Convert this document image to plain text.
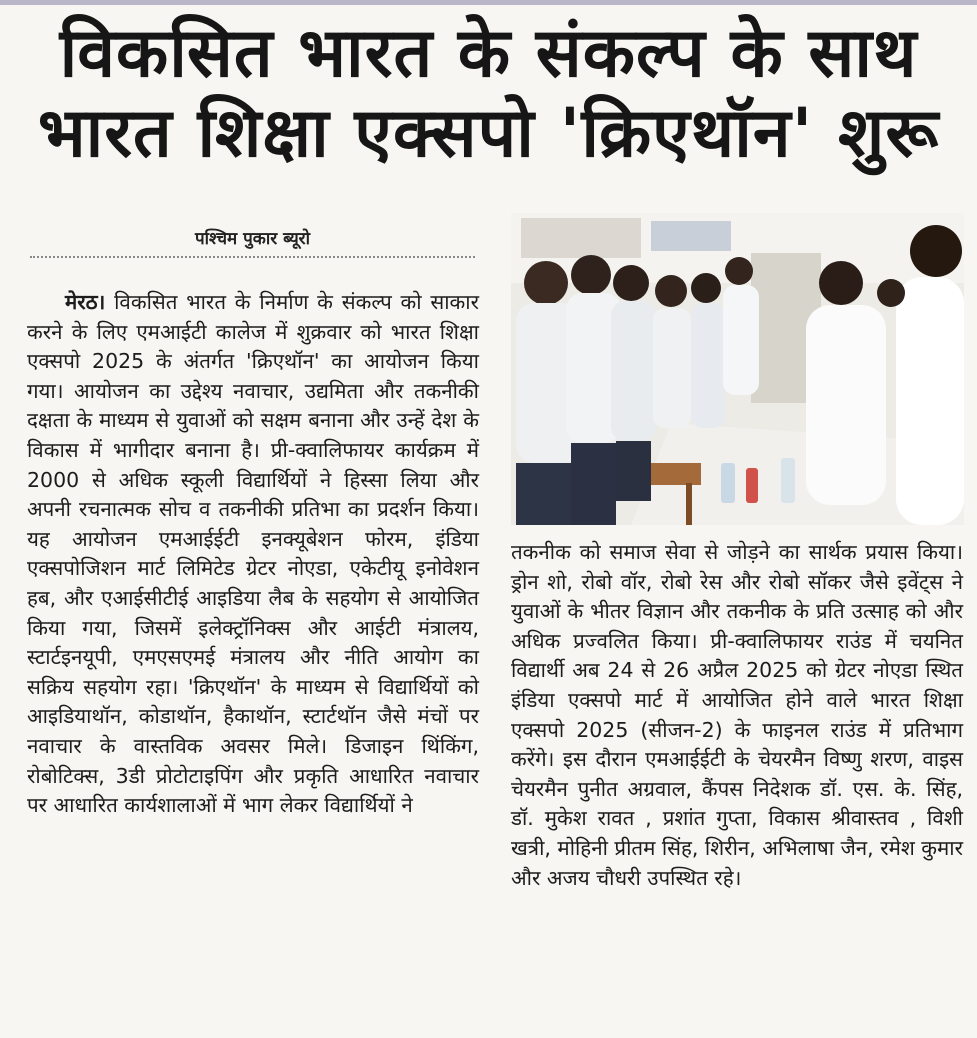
विकसित भारत के संकल्प के साथ
भारत शिक्षा एक्सपो 'क्रिएथॉन' शुरू
पश्चिम पुकार ब्यूरो

मेरठ। विकसित भारत के निर्माण के संकल्प को साकार करने के लिए एमआईटी कालेज में शुक्रवार को भारत शिक्षा एक्सपो 2025 के अंतर्गत 'क्रिएथॉन' का आयोजन किया गया। आयोजन का उद्देश्य नवाचार, उद्यमिता और तकनीकी दक्षता के माध्यम से युवाओं को सक्षम बनाना और उन्हें देश के विकास में भागीदार बनाना है। प्री-क्वालिफायर कार्यक्रम में 2000 से अधिक स्कूली विद्यार्थियों ने हिस्सा लिया और अपनी रचनात्मक सोच व तकनीकी प्रतिभा का प्रदर्शन किया। यह आयोजन एमआईईटी इनक्यूबेशन फोरम, इंडिया एक्सपोजिशन मार्ट लिमिटेड ग्रेटर नोएडा, एकेटीयू इनोवेशन हब, और एआईसीटीई आइडिया लैब के सहयोग से आयोजित किया गया, जिसमें इलेक्ट्रॉनिक्स और आईटी मंत्रालय, स्टार्टइनयूपी, एमएसएमई मंत्रालय और नीति आयोग का सक्रिय सहयोग रहा। 'क्रिएथॉन' के माध्यम से विद्यार्थियों को आइडियाथॉन, कोडाथॉन, हैकाथॉन, स्टार्टथॉन जैसे मंचों पर नवाचार के वास्तविक अवसर मिले। डिजाइन थिंकिंग, रोबोटिक्स, 3डी प्रोटोटाइपिंग और प्रकृति आधारित नवाचार पर आधारित कार्यशालाओं में भाग लेकर विद्यार्थियों ने

तकनीक को समाज सेवा से जोड़ने का सार्थक प्रयास किया। ड्रोन शो, रोबो वॉर, रोबो रेस और रोबो सॉकर जैसे इवेंट्स ने युवाओं के भीतर विज्ञान और तकनीक के प्रति उत्साह को और अधिक प्रज्वलित किया। प्री-क्वालिफायर राउंड में चयनित विद्यार्थी अब 24 से 26 अप्रैल 2025 को ग्रेटर नोएडा स्थित इंडिया एक्सपो मार्ट में आयोजित होने वाले भारत शिक्षा एक्सपो 2025 (सीजन-2) के फाइनल राउंड में प्रतिभाग करेंगे। इस दौरान एमआईईटी के चेयरमैन विष्णु शरण, वाइस चेयरमैन पुनीत अग्रवाल, कैंपस निदेशक डॉ. एस. के. सिंह, डॉ. मुकेश रावत , प्रशांत गुप्ता, विकास श्रीवास्तव , विशी खत्री, मोहिनी प्रीतम सिंह, शिरीन, अभिलाषा जैन, रमेश कुमार और अजय चौधरी उपस्थित रहे।
